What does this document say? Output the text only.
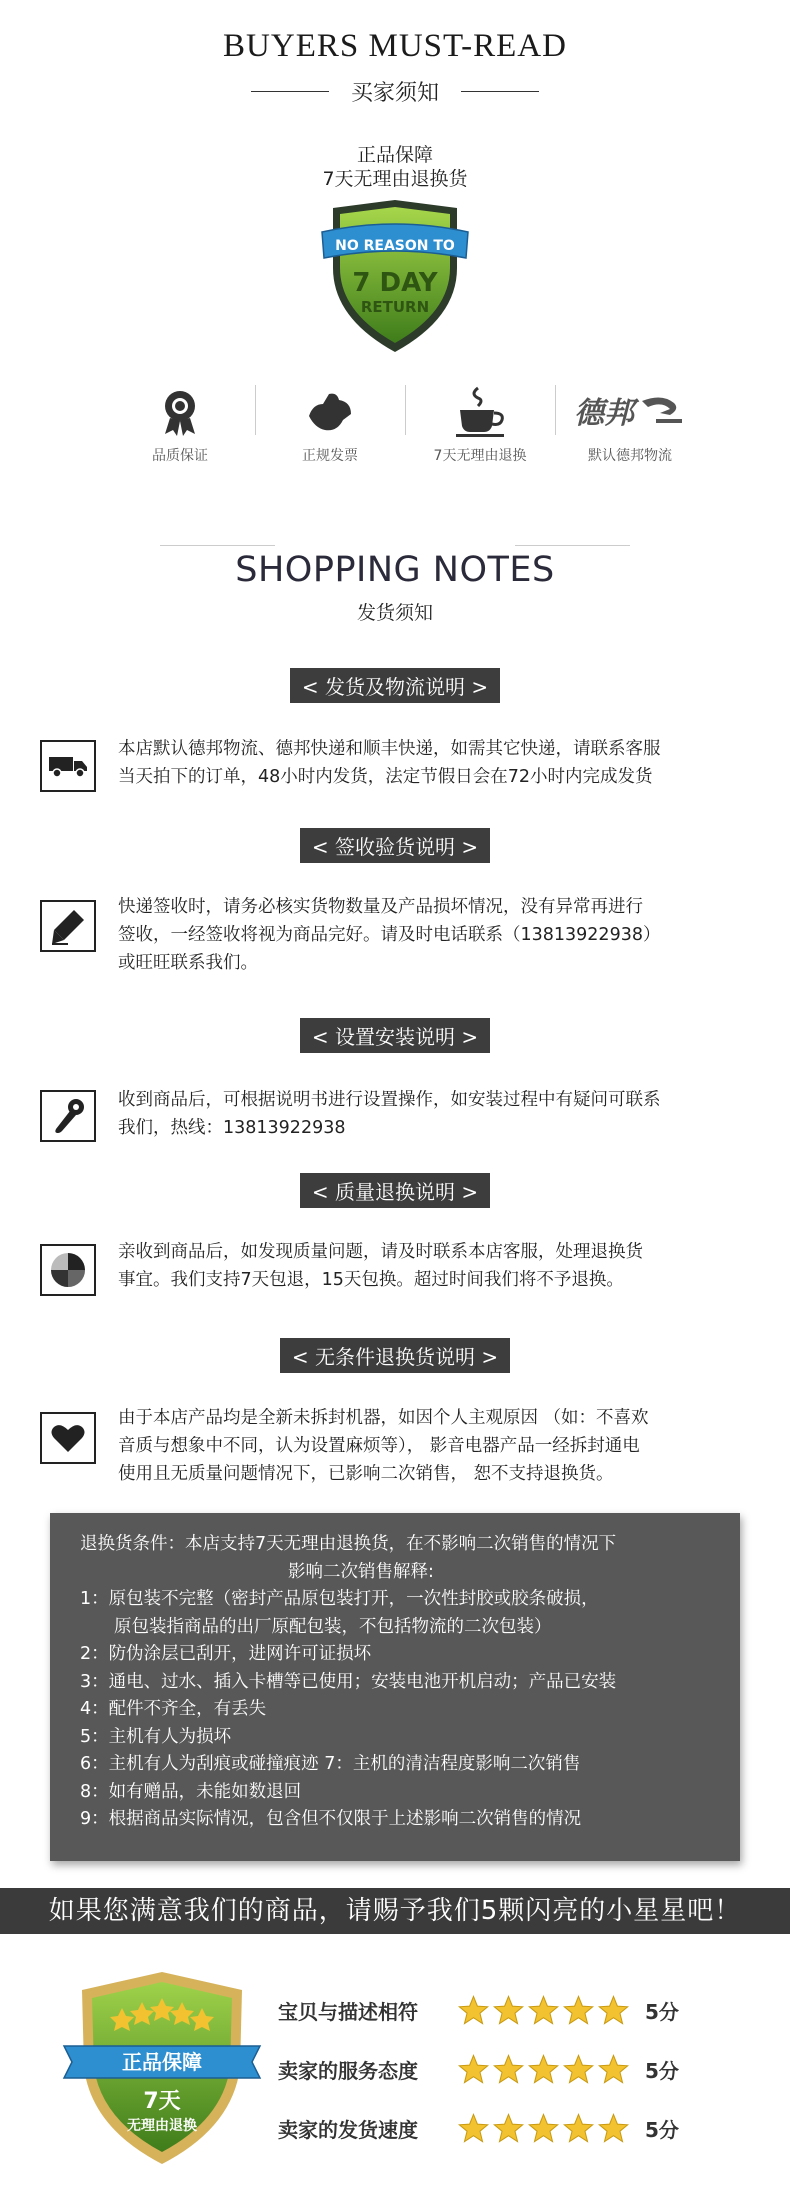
BUYERS MUST-READ
买家须知
正品保障
7天无理由退换货
NO REASON TO
7 DAY
RETURN
品质保证	正规发票	7天无理由退换
德邦
默认德邦物流
SHOPPING NOTES
发货须知
< 发货及物流说明 >
本店默认德邦物流、德邦快递和顺丰快递，如需其它快递，请联系客服
当天拍下的订单，48小时内发货，法定节假日会在72小时内完成发货
< 签收验货说明 >
快递签收时，请务必核实货物数量及产品损坏情况，没有异常再进行
签收，一经签收将视为商品完好。请及时电话联系（13813922938）
或旺旺联系我们。
< 设置安装说明 >
收到商品后，可根据说明书进行设置操作，如安装过程中有疑问可联系
我们，热线：13813922938
< 质量退换说明 >
亲收到商品后，如发现质量问题，请及时联系本店客服，处理退换货
事宜。我们支持7天包退，15天包换。超过时间我们将不予退换。
< 无条件退换货说明 >
由于本店产品均是全新未拆封机器，如因个人主观原因 （如：不喜欢
音质与想象中不同，认为设置麻烦等）， 影音电器产品一经拆封通电
使用且无质量问题情况下，已影响二次销售， 恕不支持退换货。
退换货条件：本店支持7天无理由退换货，在不影响二次销售的情况下
影响二次销售解释:
1：原包装不完整（密封产品原包装打开，一次性封胶或胶条破损，
原包装指商品的出厂原配包装，不包括物流的二次包装）
2：防伪涂层已刮开，进网许可证损坏
3：通电、过水、插入卡槽等已使用；安装电池开机启动；产品已安装
4：配件不齐全，有丢失
5：主机有人为损坏
6：主机有人为刮痕或碰撞痕迹 7：主机的清洁程度影响二次销售
8：如有赠品，未能如数退回
9：根据商品实际情况，包含但不仅限于上述影响二次销售的情况
如果您满意我们的商品，请赐予我们5颗闪亮的小星星吧！
正品保障
7天
无理由退换
宝贝与描述相符	5分
卖家的服务态度	5分
卖家的发货速度	5分
